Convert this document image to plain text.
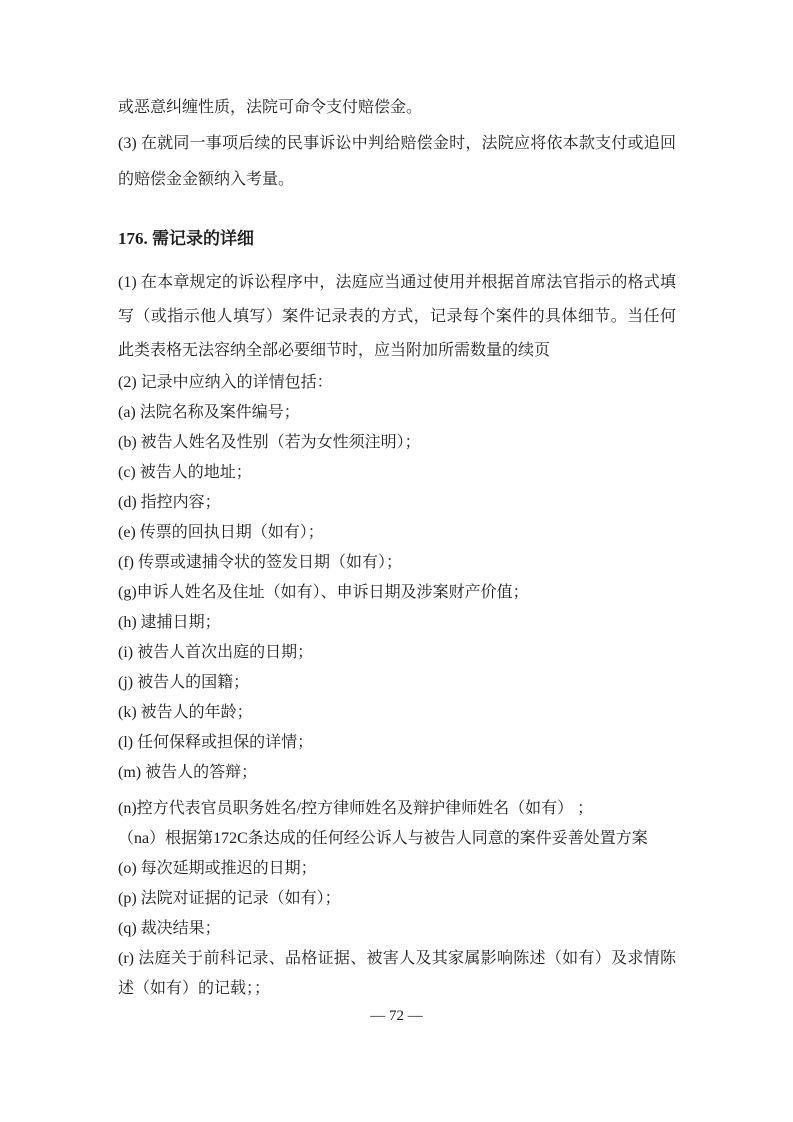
或恶意纠缠性质，法院可命令支付赔偿金。

(3) 在就同一事项后续的民事诉讼中判给赔偿金时，法院应将依本款支付或追回的赔偿金金额纳入考量。

176. 需记录的详细

(1) 在本章规定的诉讼程序中，法庭应当通过使用并根据首席法官指示的格式填写（或指示他人填写）案件记录表的方式，记录每个案件的具体细节。当任何此类表格无法容纳全部必要细节时，应当附加所需数量的续页

(2) 记录中应纳入的详情包括：

(a) 法院名称及案件编号；

(b) 被告人姓名及性别（若为女性须注明）；

(c) 被告人的地址；

(d) 指控内容；

(e) 传票的回执日期（如有）；

(f) 传票或逮捕令状的签发日期（如有）；

(g)申诉人姓名及住址（如有）、申诉日期及涉案财产价值；

(h) 逮捕日期；

(i) 被告人首次出庭的日期；

(j) 被告人的国籍；

(k) 被告人的年龄；

(l) 任何保释或担保的详情；

(m) 被告人的答辩；

(n)控方代表官员职务姓名/控方律师姓名及辩护律师姓名（如有） ；

（na）根据第172C条达成的任何经公诉人与被告人同意的案件妥善处置方案

(o) 每次延期或推迟的日期；

(p) 法院对证据的记录（如有）；

(q) 裁决结果；

(r) 法庭关于前科记录、品格证据、被害人及其家属影响陈述（如有）及求情陈述（如有）的记载；；

— 72 —
